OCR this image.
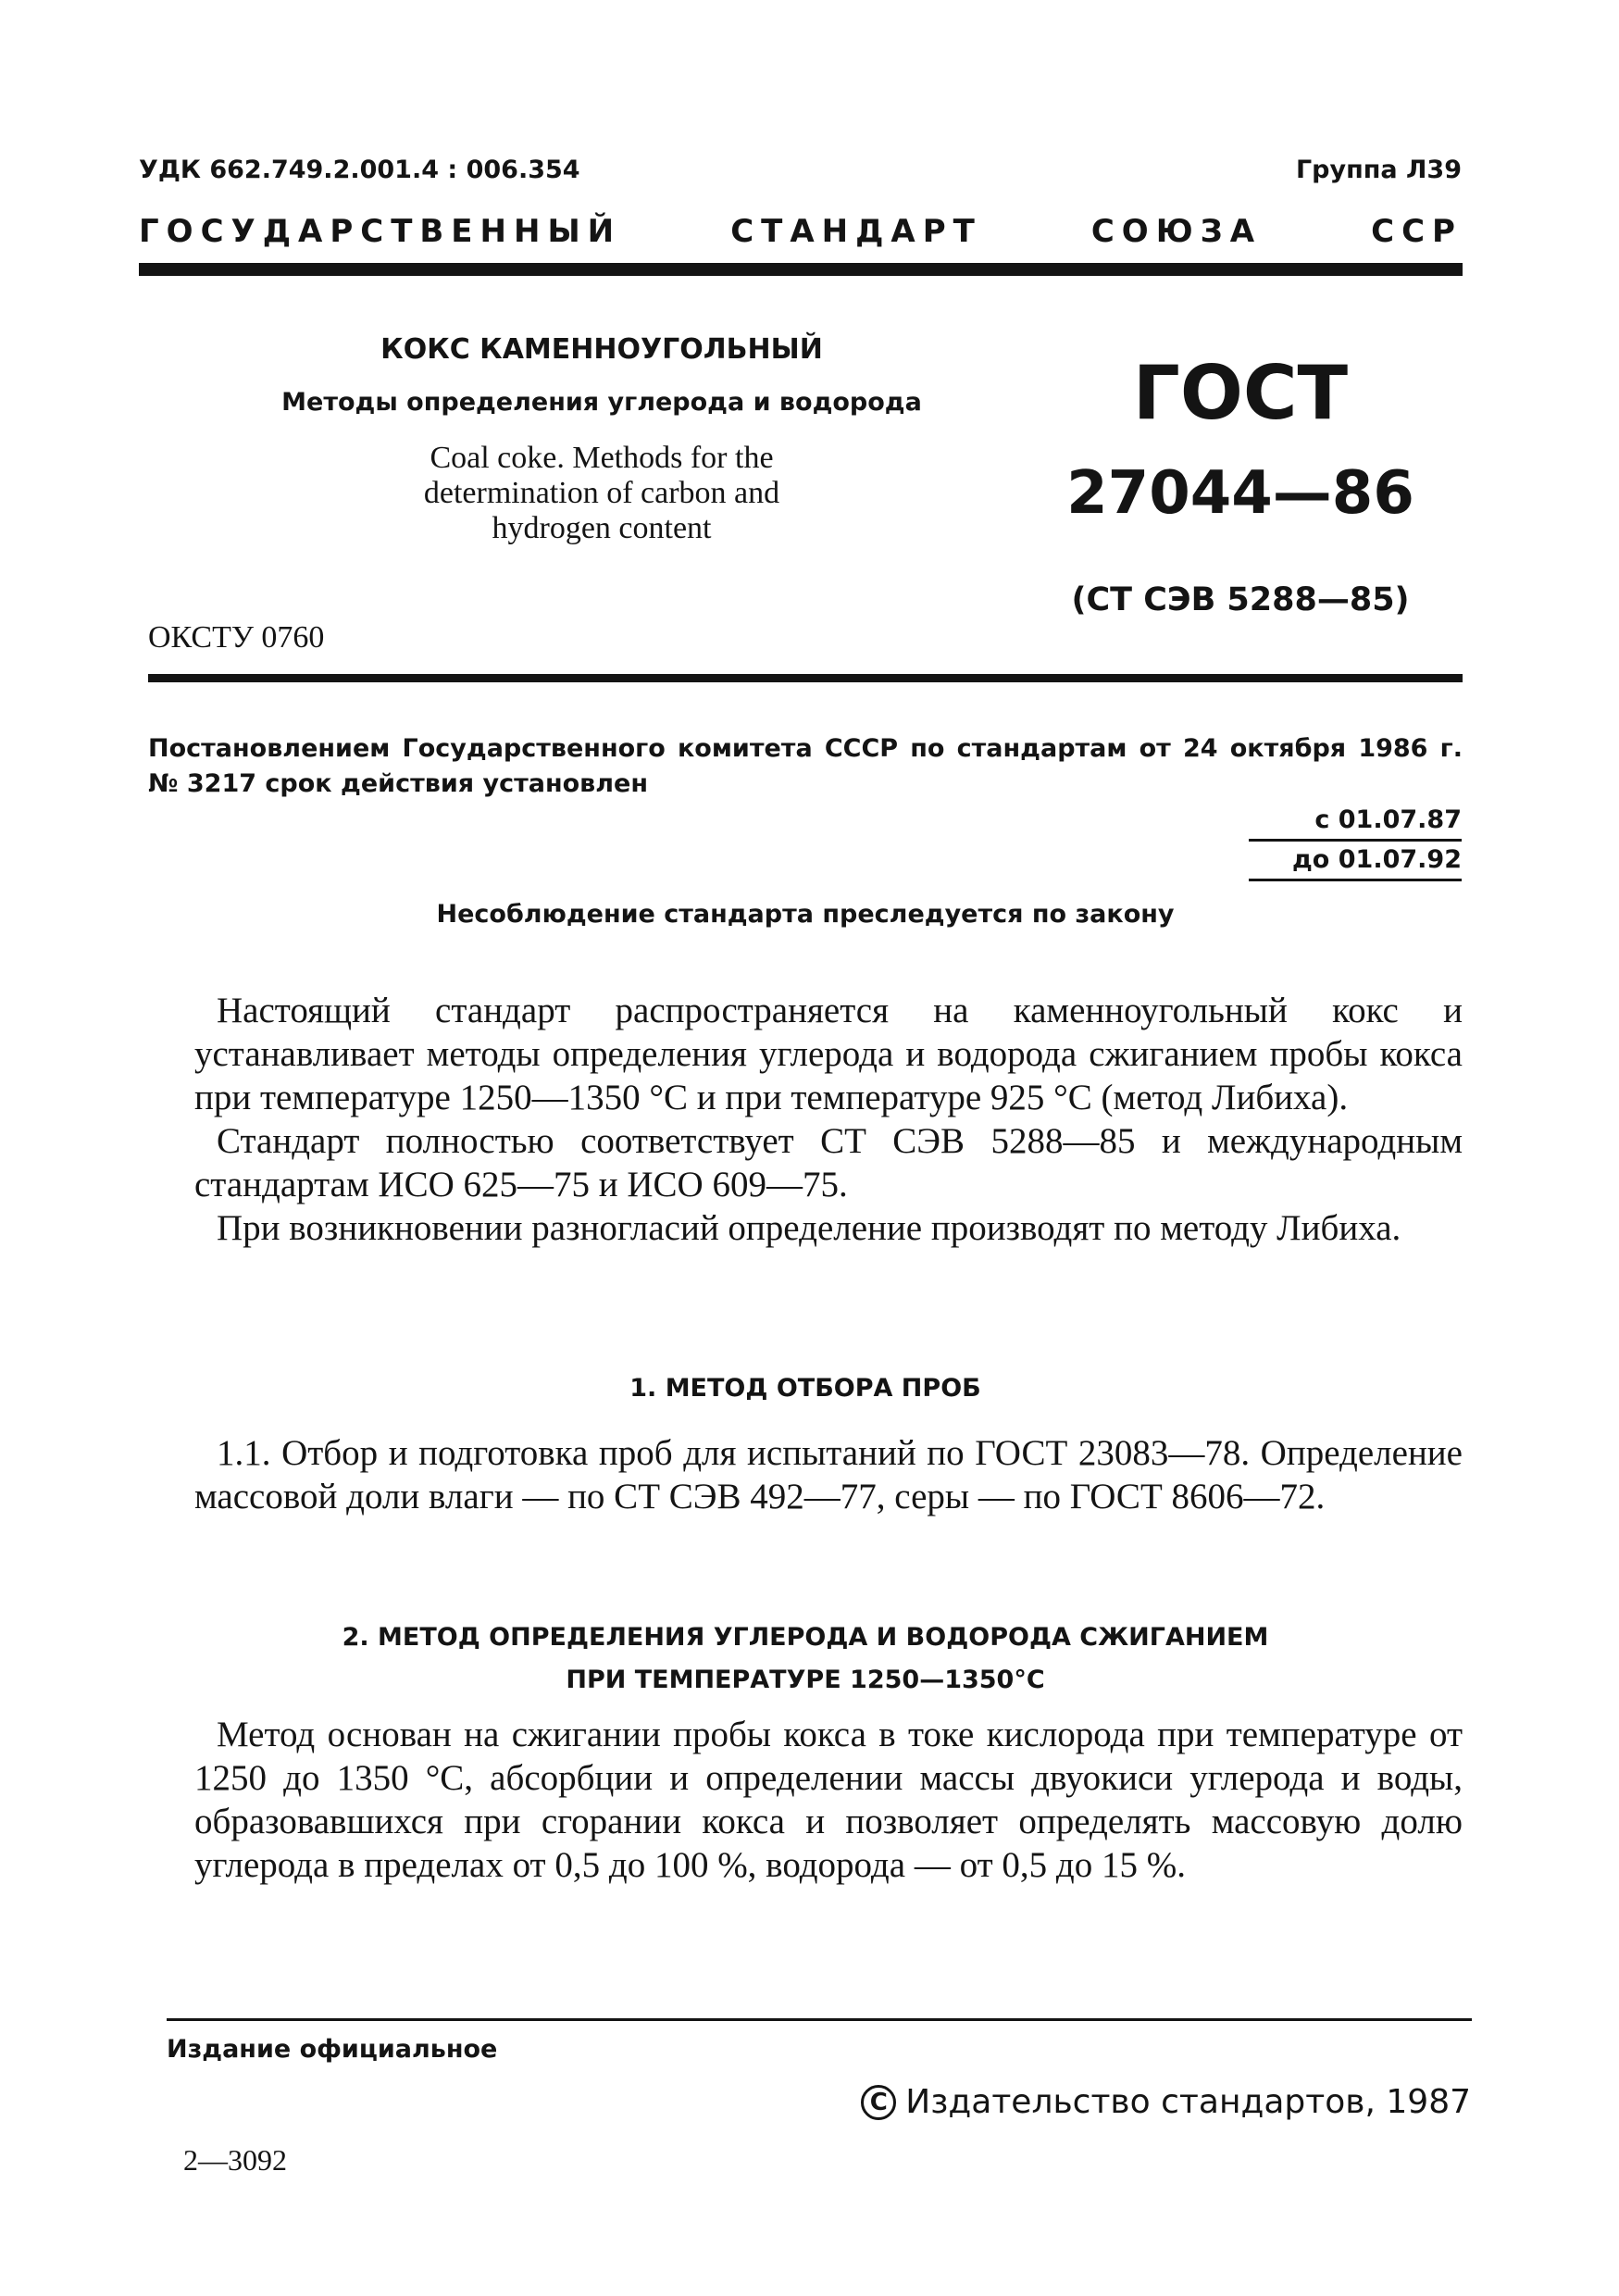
УДК 662.749.2.001.4 : 006.354	Группа Л39
ГОСУДАРСТВЕННЫЙ	СТАНДАРТ	СОЮЗА	ССР
КОКС КАМЕННОУГОЛЬНЫЙ
Методы определения углерода и водорода
Coal coke. Methods for the
determination of carbon and
hydrogen content
ГОСТ
27044—86
(СТ СЭВ 5288—85)
ОКСТУ 0760
Постановлением Государственного комитета СССР по стандартам от 24 октября 1986 г. № 3217 срок действия установлен
с 01.07.87
до 01.07.92
Несоблюдение стандарта преследуется по закону

Настоящий стандарт распространяется на каменноугольный кокс и устанавливает методы определения углерода и водорода сжиганием пробы кокса при температуре 1250—1350 °С и при температуре 925 °С (метод Либиха).

Стандарт полностью соответствует СТ СЭВ 5288—85 и международным стандартам ИСО 625—75 и ИСО 609—75.

При возникновении разногласий определение производят по методу Либиха.

1. МЕТОД ОТБОРА ПРОБ

1.1. Отбор и подготовка проб для испытаний по ГОСТ 23083—78. Определение массовой доли влаги — по СТ СЭВ 492—77, серы — по ГОСТ 8606—72.

2. МЕТОД ОПРЕДЕЛЕНИЯ УГЛЕРОДА И ВОДОРОДА СЖИГАНИЕМ
ПРИ ТЕМПЕРАТУРЕ 1250—1350°С

Метод основан на сжигании пробы кокса в токе кислорода при температуре от 1250 до 1350 °С, абсорбции и определении массы двуокиси углерода и воды, образовавшихся при сгорании кокса и позволяет определять массовую долю углерода в пределах от 0,5 до 100 %, водорода — от 0,5 до 15 %.

Издание официальное
С Издательство стандартов, 1987
2—3092
